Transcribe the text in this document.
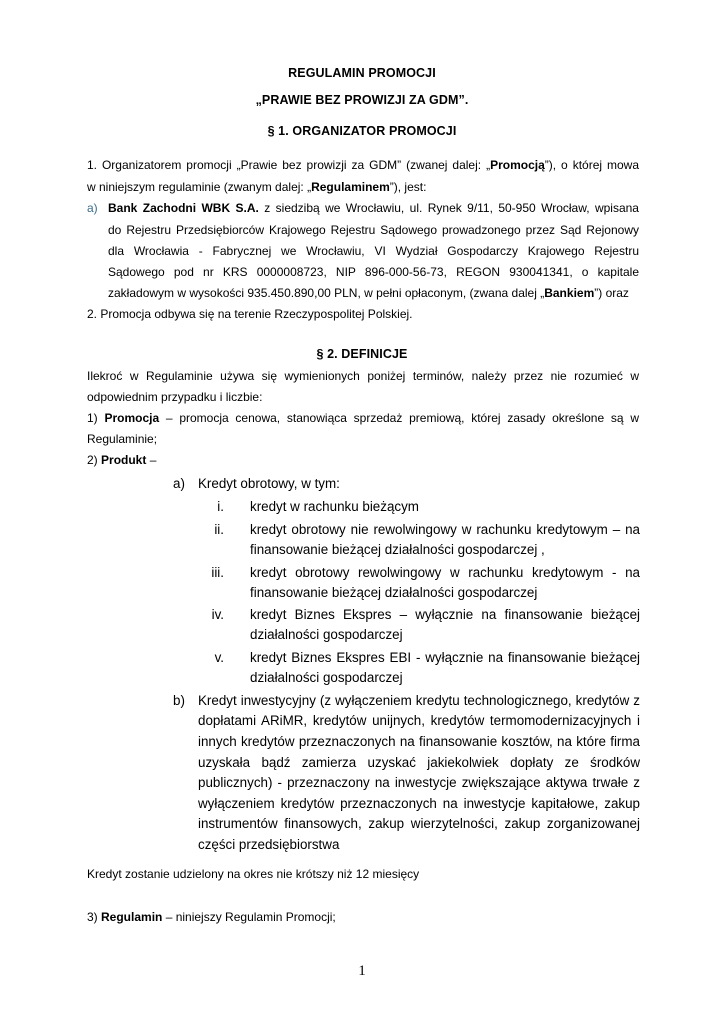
REGULAMIN PROMOCJI
„PRAWIE BEZ PROWIZJI ZA GDM”.
§ 1. ORGANIZATOR PROMOCJI
1. Organizatorem promocji „Prawie bez prowizji za GDM” (zwanej dalej: „Promocją”), o której mowa
w niniejszym regulaminie (zwanym dalej: „Regulaminem”), jest:
a) Bank Zachodni WBK S.A. z siedzibą we Wrocławiu, ul. Rynek 9/11, 50-950 Wrocław, wpisana
do Rejestru Przedsiębiorców Krajowego Rejestru Sądowego prowadzonego przez Sąd Rejonowy
dla Wrocławia - Fabrycznej we Wrocławiu, VI Wydział Gospodarczy Krajowego Rejestru
Sądowego pod nr KRS 0000008723, NIP 896-000-56-73, REGON 930041341, o kapitale
zakładowym w wysokości 935.450.890,00 PLN, w pełni opłaconym, (zwana dalej „Bankiem”) oraz
2. Promocja odbywa się na terenie Rzeczypospolitej Polskiej.
§ 2. DEFINICJE
Ilekroć w Regulaminie używa się wymienionych poniżej terminów, należy przez nie rozumieć w
odpowiednim przypadku i liczbie:
1) Promocja – promocja cenowa, stanowiąca sprzedaż premiową, której zasady określone są w
Regulaminie;
2) Produkt –
a) Kredyt obrotowy, w tym:
i. kredyt w rachunku bieżącym
ii. kredyt obrotowy nie rewolwingowy w rachunku kredytowym – na
finansowanie bieżącej działalności gospodarczej ,
iii. kredyt obrotowy rewolwingowy w rachunku kredytowym - na
finansowanie bieżącej działalności gospodarczej
iv. kredyt Biznes Ekspres – wyłącznie na finansowanie bieżącej
działalności gospodarczej
v. kredyt Biznes Ekspres EBI - wyłącznie na finansowanie bieżącej
działalności gospodarczej
b) Kredyt inwestycyjny (z wyłączeniem kredytu technologicznego, kredytów z
dopłatami ARiMR, kredytów unijnych, kredytów termomodernizacyjnych i
innych kredytów przeznaczonych na finansowanie kosztów, na które firma
uzyskała bądź zamierza uzyskać jakiekolwiek dopłaty ze środków
publicznych) - przeznaczony na inwestycje zwiększające aktywa trwałe z
wyłączeniem kredytów przeznaczonych na inwestycje kapitałowe, zakup
instrumentów finansowych, zakup wierzytelności, zakup zorganizowanej
części przedsiębiorstwa
Kredyt zostanie udzielony na okres nie krótszy niż 12 miesięcy
3) Regulamin – niniejszy Regulamin Promocji;
1
